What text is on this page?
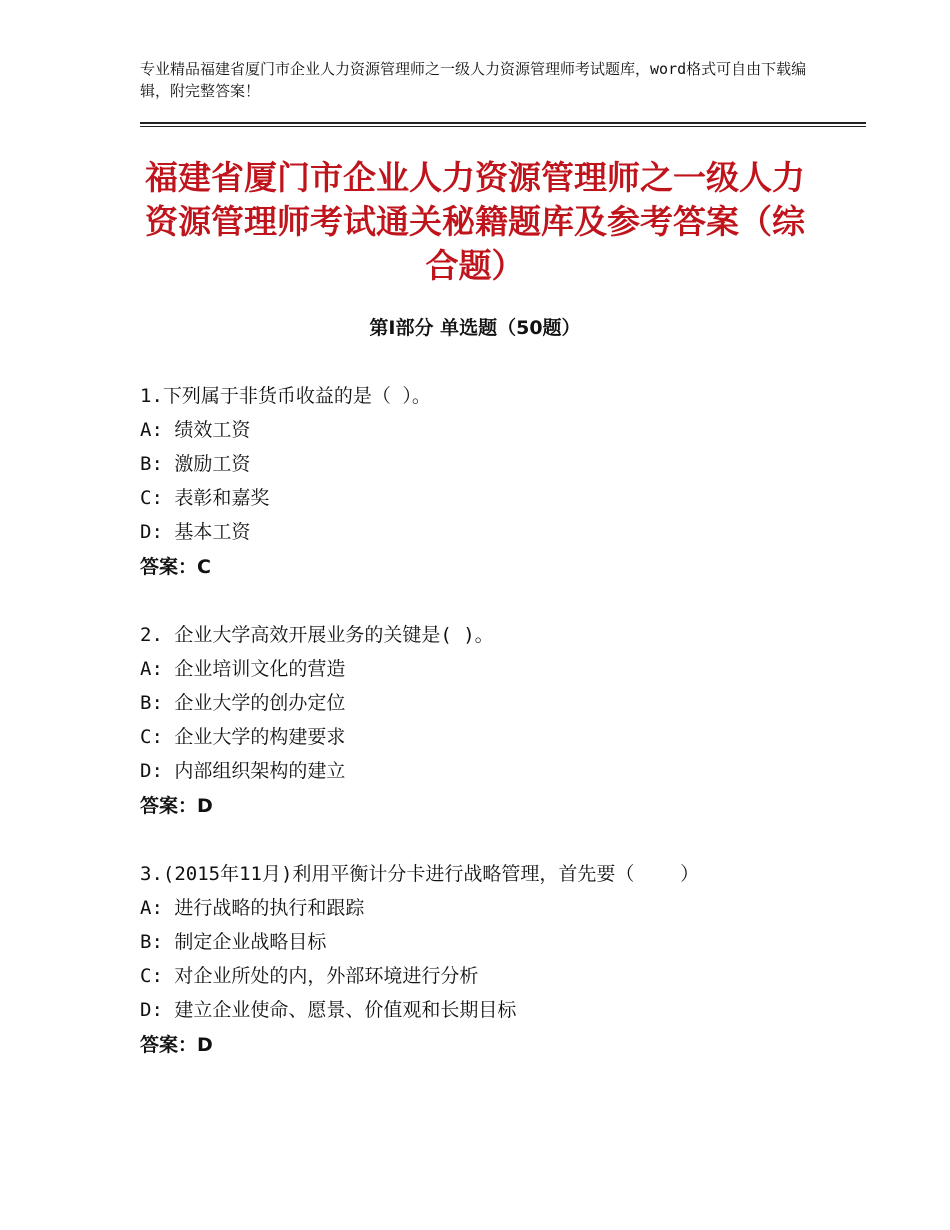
专业精品福建省厦门市企业人力资源管理师之一级人力资源管理师考试题库，word格式可自由下载编辑，附完整答案！
福建省厦门市企业人力资源管理师之一级人力资源管理师考试通关秘籍题库及参考答案（综合题）
第Ⅰ部分 单选题（50题）
1.下列属于非货币收益的是（ ）。
A: 绩效工资
B: 激励工资
C: 表彰和嘉奖
D: 基本工资
答案：C
2. 企业大学高效开展业务的关键是( )。
A: 企业培训文化的营造
B: 企业大学的创办定位
C: 企业大学的构建要求
D: 内部组织架构的建立
答案：D
3.(2015年11月)利用平衡计分卡进行战略管理，首先要（    ）
A: 进行战略的执行和跟踪
B: 制定企业战略目标
C: 对企业所处的内，外部环境进行分析
D: 建立企业使命、愿景、价值观和长期目标
答案：D
